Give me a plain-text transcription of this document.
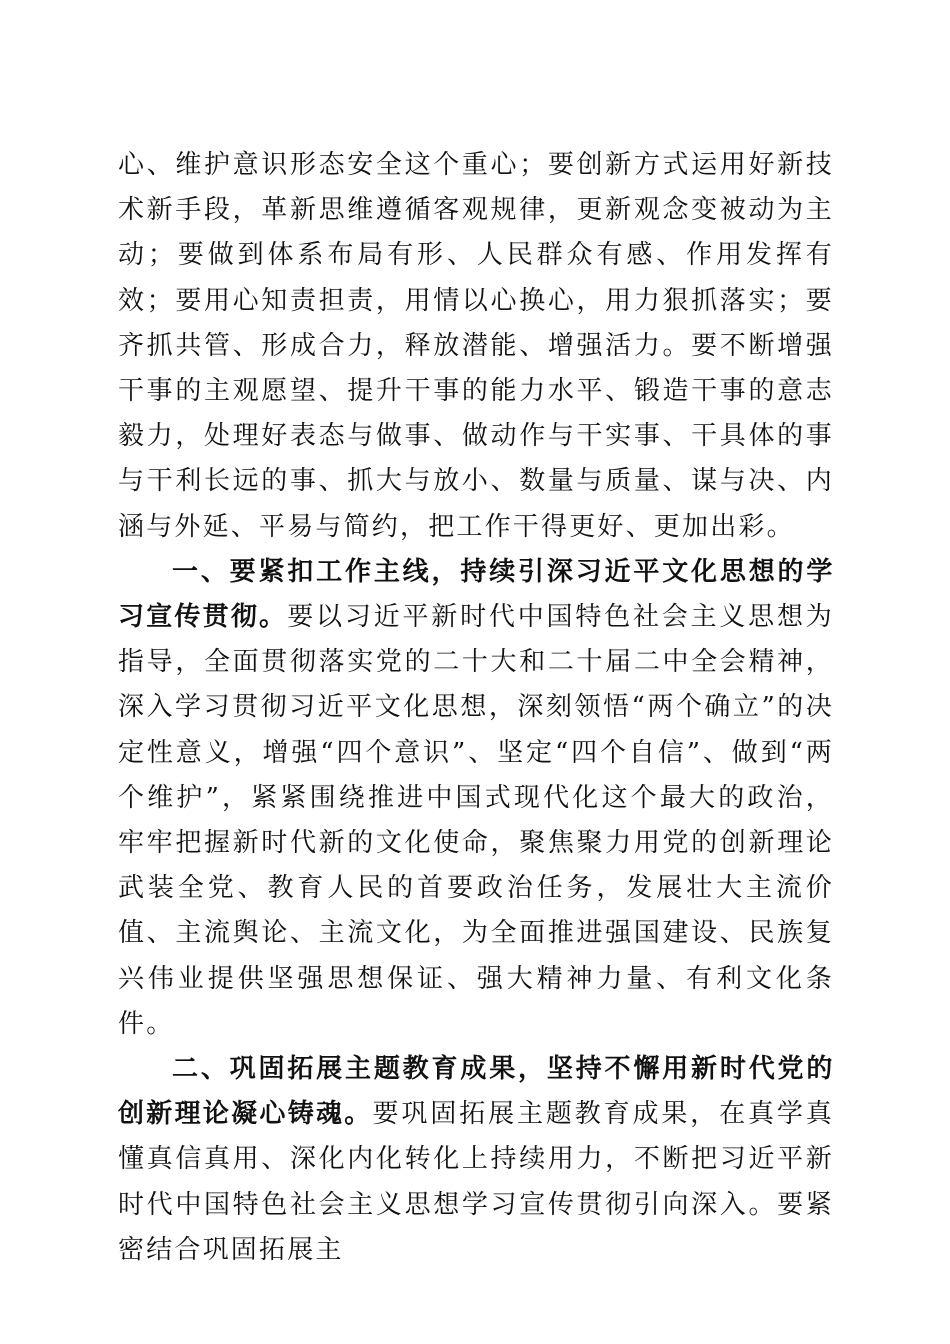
心、维护意识形态安全这个重心；要创新方式运用好新技术新手段，革新思维遵循客观规律，更新观念变被动为主动；要做到体系布局有形、人民群众有感、作用发挥有效；要用心知责担责，用情以心换心，用力狠抓落实；要齐抓共管、形成合力，释放潜能、增强活力。要不断增强干事的主观愿望、提升干事的能力水平、锻造干事的意志毅力，处理好表态与做事、做动作与干实事、干具体的事与干利长远的事、抓大与放小、数量与质量、谋与决、内涵与外延、平易与简约，把工作干得更好、更加出彩。

一、要紧扣工作主线，持续引深习近平文化思想的学习宣传贯彻。要以习近平新时代中国特色社会主义思想为指导，全面贯彻落实党的二十大和二十届二中全会精神，深入学习贯彻习近平文化思想，深刻领悟“两个确立”的决定性意义，增强“四个意识”、坚定“四个自信”、做到“两个维护”，紧紧围绕推进中国式现代化这个最大的政治，牢牢把握新时代新的文化使命，聚焦聚力用党的创新理论武装全党、教育人民的首要政治任务，发展壮大主流价值、主流舆论、主流文化，为全面推进强国建设、民族复兴伟业提供坚强思想保证、强大精神力量、有利文化条件。

二、巩固拓展主题教育成果，坚持不懈用新时代党的创新理论凝心铸魂。要巩固拓展主题教育成果，在真学真懂真信真用、深化内化转化上持续用力，不断把习近平新时代中国特色社会主义思想学习宣传贯彻引向深入。要紧密结合巩固拓展主
